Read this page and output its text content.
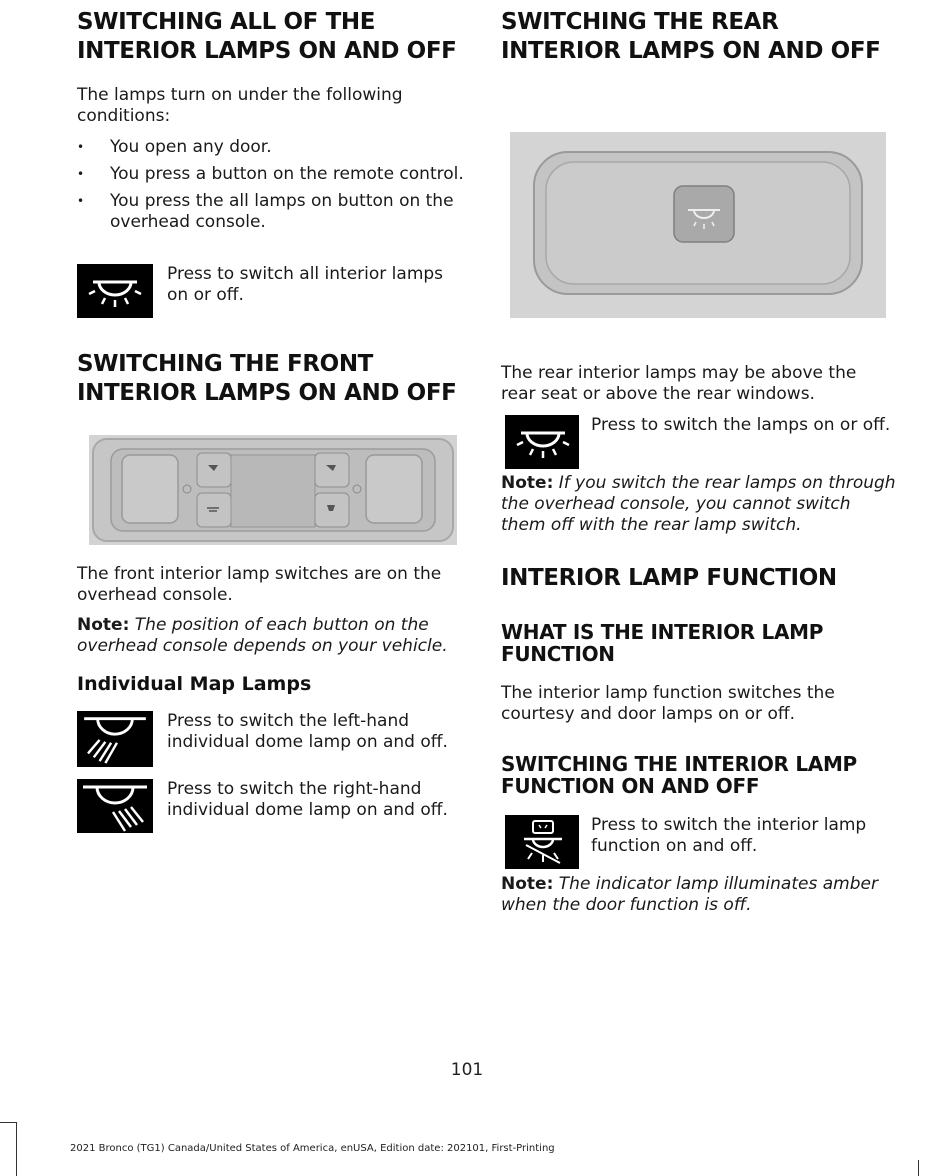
SWITCHING ALL OF THE INTERIOR LAMPS ON AND OFF

The lamps turn on under the following conditions:

• You open any door.
• You press a button on the remote control.
• You press the all lamps on button on the overhead console.
Press to switch all interior lamps on or off.
SWITCHING THE FRONT INTERIOR LAMPS ON AND OFF

The front interior lamp switches are on the overhead console.

Note: The position of each button on the overhead console depends on your vehicle.

Individual Map Lamps
Press to switch the left-hand individual dome lamp on and off.
Press to switch the right-hand individual dome lamp on and off.
SWITCHING THE REAR INTERIOR LAMPS ON AND OFF

The rear interior lamps may be above the rear seat or above the rear windows.

Press to switch the lamps on or off.

Note: If you switch the rear lamps on through the overhead console, you cannot switch them off with the rear lamp switch.

INTERIOR LAMP FUNCTION
WHAT IS THE INTERIOR LAMP FUNCTION

The interior lamp function switches the courtesy and door lamps on or off.

SWITCHING THE INTERIOR LAMP FUNCTION ON AND OFF
Press to switch the interior lamp function on and off.

Note: The indicator lamp illuminates amber when the door function is off.

101
2021 Bronco (TG1) Canada/United States of America, enUSA, Edition date: 202101, First-Printing
